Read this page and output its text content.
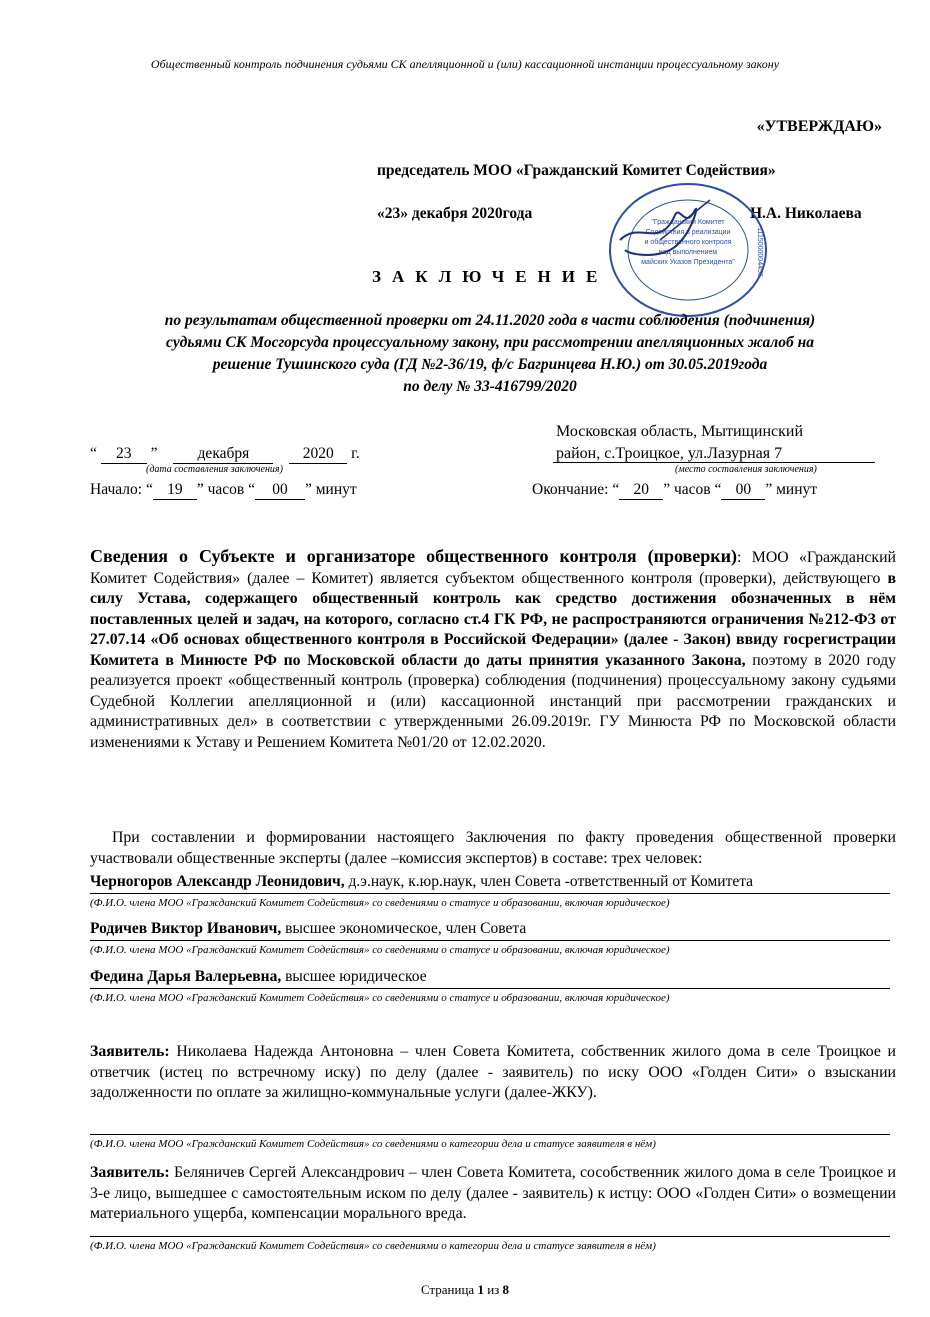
Общественный контроль подчинения судьями СК апелляционной и (или) кассационной инстанции процессуальному закону
«УТВЕРЖДАЮ»
председатель МОО «Гражданский Комитет Содействия»
«23» декабря 2020года	Н.А. Николаева
"Гражданский Комитет
Содействия в реализации
и общественного контроля
над выполнением
майских Указов Президента"	1115000004456
ЗАКЛЮЧЕНИЕ
по результатам общественной проверки от 24.11.2020 года в части соблюдения (подчинения)
судьями СК Мосгорсуда процессуальному закону, при рассмотрении апелляционных жалоб на
решение Тушинского суда (ГД №2-36/19, ф/с Багринцева Н.Ю.) от 30.05.2019года
по делу № 33-416799/2020
Московская область, Мытищинский
район, с.Троицкое, ул.Лазурная 7
(место составления заключения)
“ 23 ”	декабря	2020 г.
(дата составления заключения)
Начало: “ 19 ” часов “ 00 ” минут	Окончание: “ 20 ” часов “ 00 ” минут
Сведения о Субъекте и организаторе общественного контроля (проверки): МОО «Гражданский Комитет Содействия» (далее – Комитет) является субъектом общественного контроля (проверки), действующего в силу Устава, содержащего общественный контроль как средство достижения обозначенных в нём поставленных целей и задач, на которого, согласно ст.4 ГК РФ, не распространяются ограничения №212-ФЗ от 27.07.14 «Об основах общественного контроля в Российской Федерации» (далее - Закон) ввиду госрегистрации Комитета в Минюсте РФ по Московской области до даты принятия указанного Закона, поэтому в 2020 году реализуется проект «общественный контроль (проверка) соблюдения (подчинения) процессуальному закону судьями Судебной Коллегии апелляционной и (или) кассационной инстанций при рассмотрении гражданских и административных дел» в соответствии с утвержденными 26.09.2019г. ГУ Минюста РФ по Московской области изменениями к Уставу и Решением Комитета №01/20 от 12.02.2020.
При составлении и формировании настоящего Заключения по факту проведения общественной проверки участвовали общественные эксперты (далее –комиссия экспертов) в составе: трех человек:
Черногоров Александр Леонидович, д.э.наук, к.юр.наук, член Совета -ответственный от Комитета
(Ф.И.О. члена МОО «Гражданский Комитет Содействия» со сведениями о статусе и образовании, включая юридическое)
Родичев Виктор Иванович, высшее экономическое, член Совета
(Ф.И.О. члена МОО «Гражданский Комитет Содействия» со сведениями о статусе и образовании, включая юридическое)
Федина Дарья Валерьевна, высшее юридическое
(Ф.И.О. члена МОО «Гражданский Комитет Содействия» со сведениями о статусе и образовании, включая юридическое)
Заявитель: Николаева Надежда Антоновна – член Совета Комитета, собственник жилого дома в селе Троицкое и ответчик (истец по встречному иску) по делу (далее - заявитель) по иску ООО «Голден Сити» о взыскании задолженности по оплате за жилищно-коммунальные услуги (далее-ЖКУ).
(Ф.И.О. члена МОО «Гражданский Комитет Содействия» со сведениями о категории дела и статусе заявителя в нём)
Заявитель: Беляничев Сергей Александрович – член Совета Комитета, сособственник жилого дома в селе Троицкое и 3-е лицо, вышедшее с самостоятельным иском по делу (далее - заявитель) к истцу: ООО «Голден Сити» о возмещении материального ущерба, компенсации морального вреда.
(Ф.И.О. члена МОО «Гражданский Комитет Содействия» со сведениями о категории дела и статусе заявителя в нём)
Страница 1 из 8
